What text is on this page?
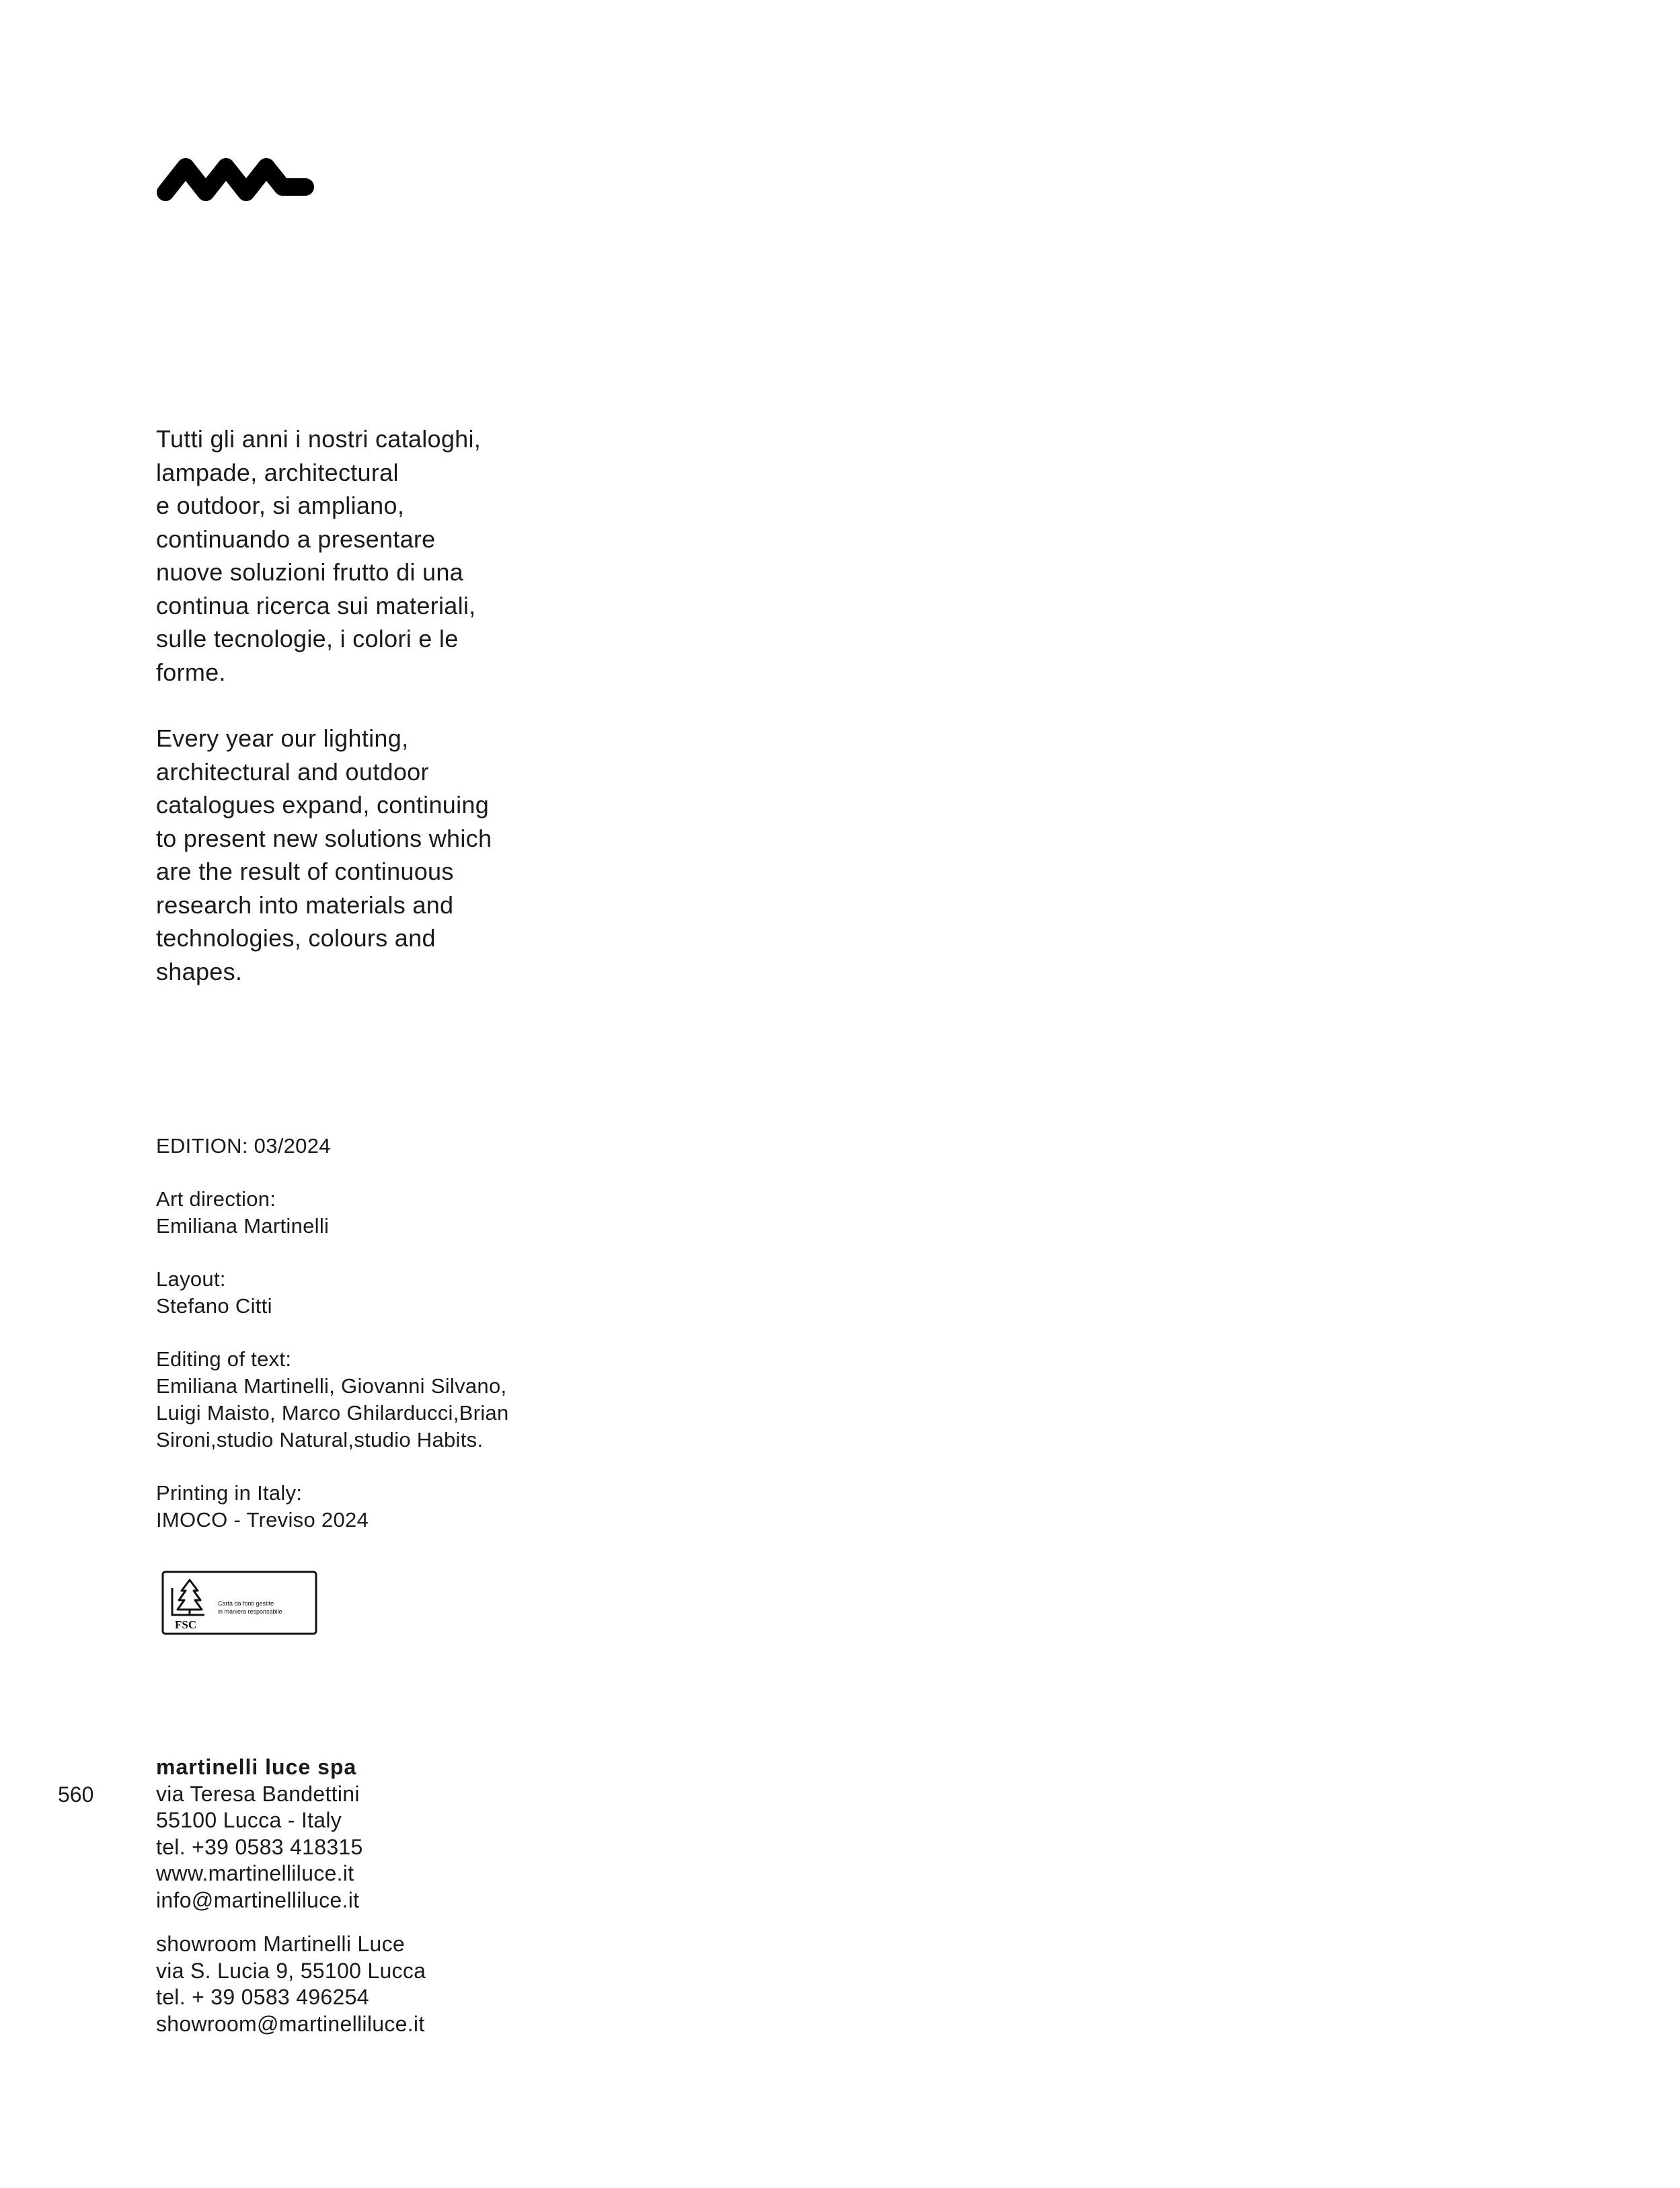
Tutti gli anni i nostri cataloghi,
lampade, architectural
e outdoor, si ampliano,
continuando a presentare
nuove soluzioni frutto di una
continua ricerca sui materiali,
sulle tecnologie, i colori e le
forme.

Every year our lighting,
architectural and outdoor
catalogues expand, continuing
to present new solutions which
are the result of continuous
research into materials and
technologies, colours and
shapes.

EDITION: 03/2024
Art direction:
Emiliana Martinelli
Layout:
Stefano Citti
Editing of text:
Emiliana Martinelli, Giovanni Silvano,
Luigi Maisto, Marco Ghilarducci,Brian
Sironi,studio Natural,studio Habits.
Printing in Italy:
IMOCO - Treviso 2024
FSC
Carta da fonti gestite
in maniera responsabile
560
martinelli luce spa
via Teresa Bandettini
55100 Lucca - Italy
tel. +39 0583 418315
www.martinelliluce.it
info@martinelliluce.it
showroom Martinelli Luce
via S. Lucia 9, 55100 Lucca
tel. + 39 0583 496254
showroom@martinelliluce.it
